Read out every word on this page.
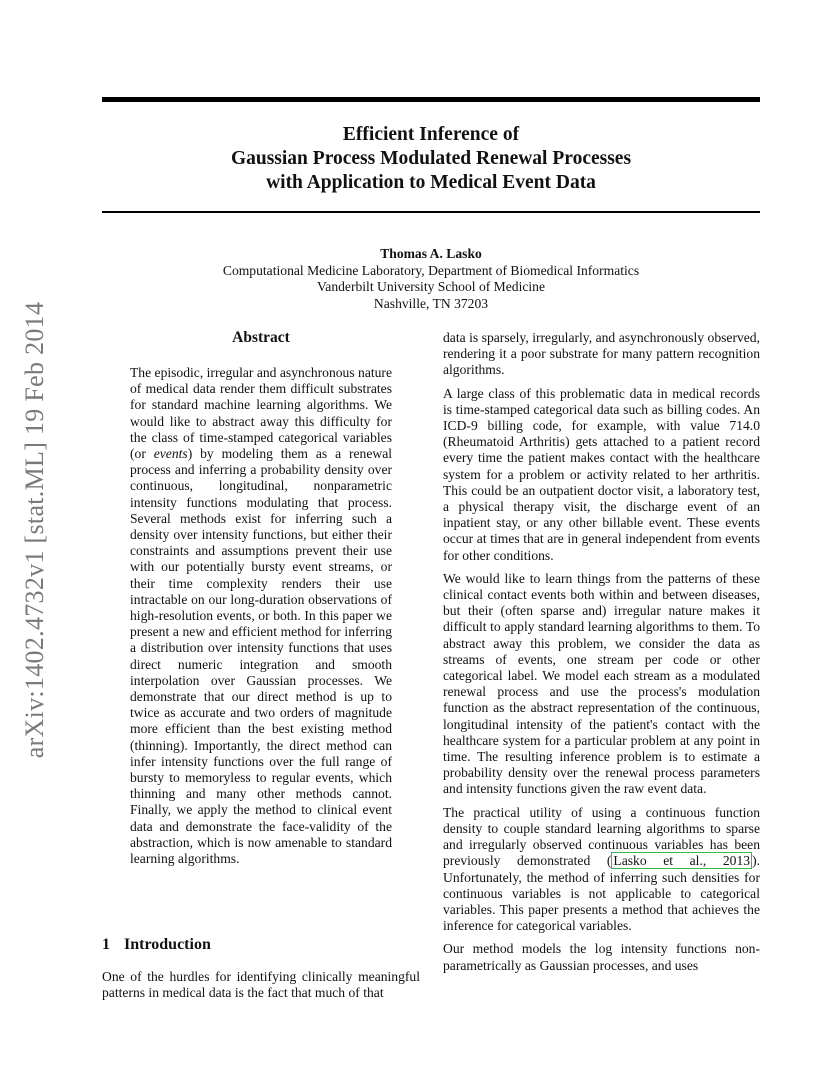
Efficient Inference of
Gaussian Process Modulated Renewal Processes
with Application to Medical Event Data
Thomas A. Lasko
Computational Medicine Laboratory, Department of Biomedical Informatics
Vanderbilt University School of Medicine
Nashville, TN 37203
arXiv:1402.4732v1 [stat.ML] 19 Feb 2014	Abstract

The episodic, irregular and asynchronous nature of medical data render them difficult substrates for standard machine learning algorithms. We would like to abstract away this difficulty for the class of time-stamped categorical variables (or events) by modeling them as a renewal process and inferring a probability density over continuous, longitudinal, nonparametric intensity functions modulating that process. Several methods exist for inferring such a density over intensity functions, but either their constraints and assumptions prevent their use with our potentially bursty event streams, or their time complexity renders their use intractable on our long-duration observations of high-resolution events, or both. In this paper we present a new and efficient method for inferring a distribution over intensity functions that uses direct numeric integration and smooth interpolation over Gaussian processes. We demonstrate that our direct method is up to twice as accurate and two orders of magnitude more efficient than the best existing method (thinning). Importantly, the direct method can infer intensity functions over the full range of bursty to memoryless to regular events, which thinning and many other methods cannot. Finally, we apply the method to clinical event data and demonstrate the face-validity of the abstraction, which is now amenable to standard learning algorithms.

1 Introduction

One of the hurdles for identifying clinically meaningful patterns in medical data is the fact that much of that

data is sparsely, irregularly, and asynchronously observed, rendering it a poor substrate for many pattern recognition algorithms.

A large class of this problematic data in medical records is time-stamped categorical data such as billing codes. An ICD-9 billing code, for example, with value 714.0 (Rheumatoid Arthritis) gets attached to a patient record every time the patient makes contact with the healthcare system for a problem or activity related to her arthritis. This could be an outpatient doctor visit, a laboratory test, a physical therapy visit, the discharge event of an inpatient stay, or any other billable event. These events occur at times that are in general independent from events for other conditions.

We would like to learn things from the patterns of these clinical contact events both within and between diseases, but their (often sparse and) irregular nature makes it difficult to apply standard learning algorithms to them. To abstract away this problem, we consider the data as streams of events, one stream per code or other categorical label. We model each stream as a modulated renewal process and use the process's modulation function as the abstract representation of the continuous, longitudinal intensity of the patient's contact with the healthcare system for a particular problem at any point in time. The resulting inference problem is to estimate a probability density over the renewal process parameters and intensity functions given the raw event data.

The practical utility of using a continuous function density to couple standard learning algorithms to sparse and irregularly observed continuous variables has been previously demonstrated ( Lasko et al., 2013 ). Unfortunately, the method of inferring such densities for continuous variables is not applicable to categorical variables. This paper presents a method that achieves the inference for categorical variables.

Our method models the log intensity functions non-parametrically as Gaussian processes, and uses
